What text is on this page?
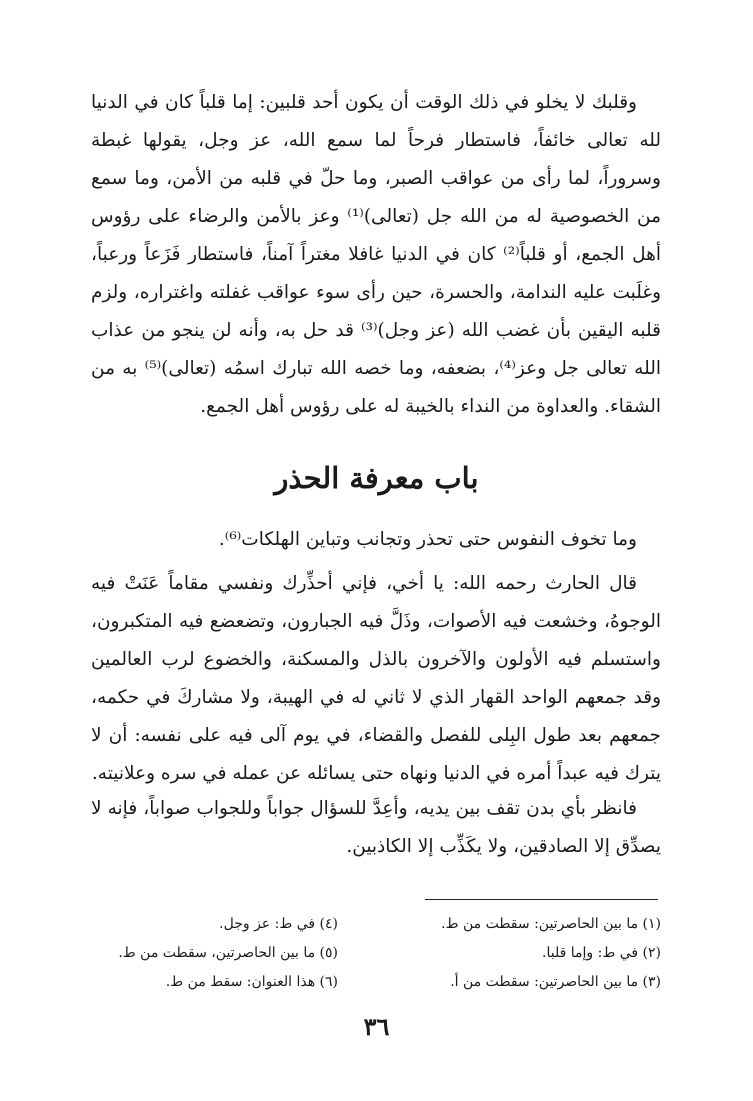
وقلبك لا يخلو في ذلك الوقت أن يكون أحد قلبين: إما قلباً كان في الدنيا لله تعالى خائفاً، فاستطار فرحاً لما سمع الله، عز وجل، يقولها غبطة وسروراً، لما رأى من عواقب الصبر، وما حلّ في قلبه من الأمن، وما سمع من الخصوصية له من الله جل (تعالى)⁽¹⁾ وعز بالأمن والرضاء على رؤوس أهل الجمع، أو قلباً⁽²⁾ كان في الدنيا غافلا مغتراً آمناً، فاستطار فَزَعاً ورعباً، وغلَبت عليه الندامة، والحسرة، حين رأى سوء عواقب غفلته واغتراره، ولزم قلبه اليقين بأن غضب الله (عز وجل)⁽³⁾ قد حل به، وأنه لن ينجو من عذاب الله تعالى جل وعز⁽⁴⁾، بضعفه، وما خصه الله تبارك اسمُه (تعالى)⁽⁵⁾ به من الشقاء. والعداوة من النداء بالخيبة له على رؤوس أهل الجمع.

باب معرفة الحذر

وما تخوف النفوس حتى تحذر وتجانب وتباين الهلكات⁽⁶⁾.

قال الحارث رحمه الله: يا أخي، فإني أحذِّرك ونفسي مقاماً عَنَتْ فيه الوجوهُ، وخشعت فيه الأصوات، وذَلَّ فيه الجبارون، وتضعضع فيه المتكبرون، واستسلم فيه الأولون والآخرون بالذل والمسكنة، والخضوع لرب العالمين وقد جمعهم الواحد القهار الذي لا ثاني له في الهيبة، ولا مشاركَ في حكمه، جمعهم بعد طول البِلى للفصل والقضاء، في يوم آلى فيه على نفسه: أن لا يترك فيه عبداً أمره في الدنيا ونهاه حتى يسائله عن عمله في سره وعلانيته.

فانظر بأي بدن تقف بين يديه، وأعِدَّ للسؤال جواباً وللجواب صواباً، فإنه لا يصدِّق إلا الصادقين، ولا يكَذِّب إلا الكاذبين.

(١) ما بين الحاصرتين: سقطت من ط.
(٤) في ط: عز وجل.
(٢) في ط: وإما قلبا.
(٥) ما بين الحاصرتين، سقطت من ط.
(٣) ما بين الحاصرتين: سقطت من أ.
(٦) هذا العنوان: سقط من ط.
٣٦
